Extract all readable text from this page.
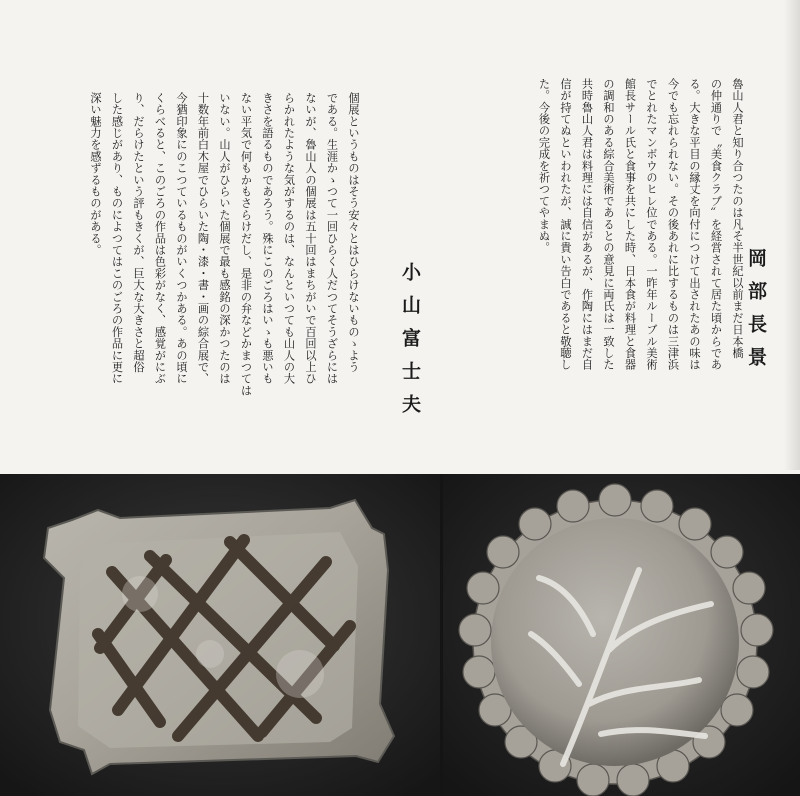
岡部長景
魯山人君と知り合つたのは凡そ半世紀以前まだ日本橋
の仲通りで〝美食クラブ〟を経営されて居た頃からであ
る。大きな平目の縁丈を向付につけて出されたあの味は
今でも忘れられない。その後あれに比するものは三津浜
でとれたマンボウのヒレ位である。一昨年ルーブル美術
館長サール氏と食事を共にした時、日本食が料理と食器
の調和のある綜合美術であるとの意見に両氏は一致した
共時魯山人君は料理には自信があるが、作陶にはまだ自
信が持てぬといわれたが、誠に貴い告白であると敬聴し
た。今後の完成を祈つてやまぬ。
小山富士夫
個展というものはそう安々とはひらけないものゝよう
である。生涯かゝつて一回ひらく人だつてそうざらには
ないが、魯山人の個展は五十回はまちがいで百回以上ひ
らかれたような気がするのは、なんといつても山人の大
きさを語るものであろう。殊にこのごろはいゝも悪いも
ない平気で何もかもさらけだし、是非の弁などかまつては
いない。山人がひらいた個展で最も感銘の深かつたのは
十数年前白木屋でひらいた陶・漆・書・画の綜合展で、
今猶印象にのこつているものがいくつかある。あの頃に
くらべると、このごろの作品は色彩がなく、感覚がにぶ
り、だらけたという評もきくが、巨大な大きさと超俗
した感じがあり、ものによつてはこのごろの作品に更に
深い魅力を感ずるものがある。
